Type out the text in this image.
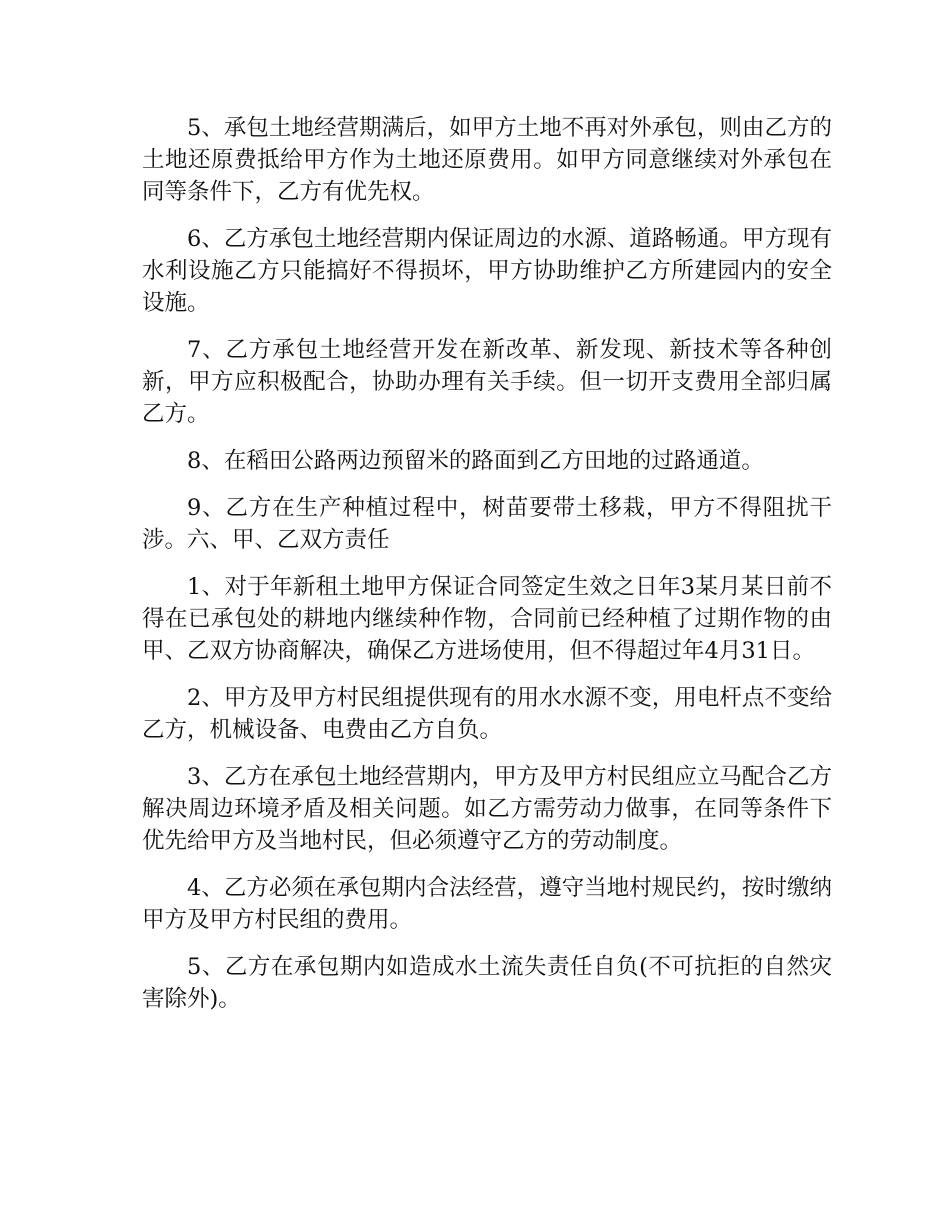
5、承包土地经营期满后，如甲方土地不再对外承包，则由乙方的土地还原费抵给甲方作为土地还原费用。如甲方同意继续对外承包在同等条件下，乙方有优先权。

6、乙方承包土地经营期内保证周边的水源、道路畅通。甲方现有水利设施乙方只能搞好不得损坏，甲方协助维护乙方所建园内的安全设施。

7、乙方承包土地经营开发在新改革、新发现、新技术等各种创新，甲方应积极配合，协助办理有关手续。但一切开支费用全部归属乙方。

8、在稻田公路两边预留米的路面到乙方田地的过路通道。

9、乙方在生产种植过程中，树苗要带土移栽，甲方不得阻扰干涉。六、甲、乙双方责任

1、对于年新租土地甲方保证合同签定生效之日年3某月某日前不得在已承包处的耕地内继续种作物，合同前已经种植了过期作物的由甲、乙双方协商解决，确保乙方进场使用，但不得超过年4月31日。

2、甲方及甲方村民组提供现有的用水水源不变，用电杆点不变给乙方，机械设备、电费由乙方自负。

3、乙方在承包土地经营期内，甲方及甲方村民组应立马配合乙方解决周边环境矛盾及相关问题。如乙方需劳动力做事，在同等条件下优先给甲方及当地村民，但必须遵守乙方的劳动制度。

4、乙方必须在承包期内合法经营，遵守当地村规民约，按时缴纳甲方及甲方村民组的费用。

5、乙方在承包期内如造成水土流失责任自负(不可抗拒的自然灾害除外)。
